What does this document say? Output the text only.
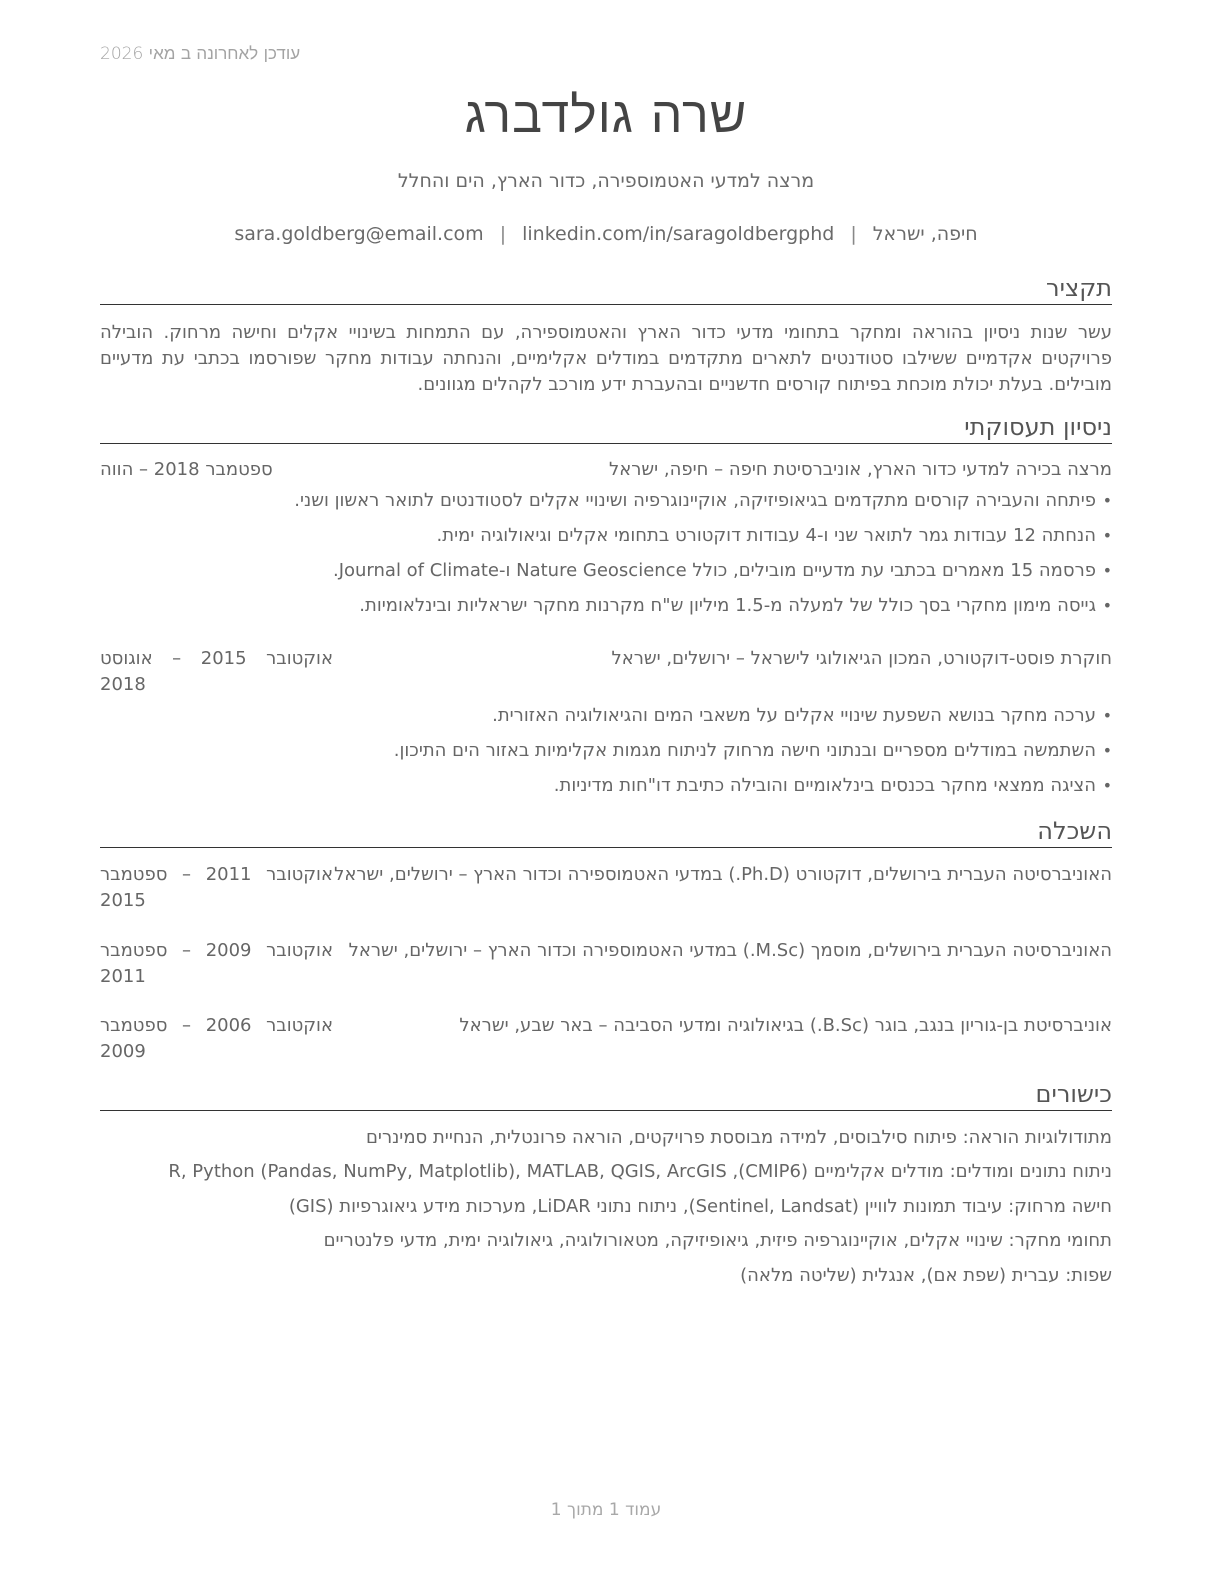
עודכן לאחרונה ב מאי 2026
שרה גולדברג
מרצה למדעי האטמוספירה, כדור הארץ, הים והחלל
חיפה, ישראל|sara.goldberg@email.com | linkedin.com/in/saragoldbergphd
תקציר
עשר שנות ניסיון בהוראה ומחקר בתחומי מדעי כדור הארץ והאטמוספירה, עם התמחות בשינויי אקלים וחישה מרחוק. הובילה פרויקטים אקדמיים ששילבו סטודנטים לתארים מתקדמים במודלים אקלימיים, והנחתה עבודות מחקר שפורסמו בכתבי עת מדעיים מובילים. בעלת יכולת מוכחת בפיתוח קורסים חדשניים ובהעברת ידע מורכב לקהלים מגוונים.
ניסיון תעסוקתי
מרצה בכירה למדעי כדור הארץ, אוניברסיטת חיפה – חיפה, ישראל
ספטמבר 2018 – הווה
• פיתחה והעבירה קורסים מתקדמים בגיאופיזיקה, אוקיינוגרפיה ושינויי אקלים לסטודנטים לתואר ראשון ושני.
• הנחתה 12 עבודות גמר לתואר שני ו-4 עבודות דוקטורט בתחומי אקלים וגיאולוגיה ימית.
• פרסמה 15 מאמרים בכתבי עת מדעיים מובילים, כולל Nature Geoscience ו-Journal of Climate.
• גייסה מימון מחקרי בסך כולל של למעלה מ-1.5 מיליון ש"ח מקרנות מחקר ישראליות ובינלאומיות.
חוקרת פוסט-דוקטורט, המכון הגיאולוגי לישראל – ירושלים, ישראל
אוקטובר 2015 – אוגוסט 2018
• ערכה מחקר בנושא השפעת שינויי אקלים על משאבי המים והגיאולוגיה האזורית.
• השתמשה במודלים מספריים ובנתוני חישה מרחוק לניתוח מגמות אקלימיות באזור הים התיכון.
• הציגה ממצאי מחקר בכנסים בינלאומיים והובילה כתיבת דו"חות מדיניות.
השכלה
האוניברסיטה העברית בירושלים, דוקטורט (Ph.D.) במדעי האטמוספירה וכדור הארץ – ירושלים, ישראל
אוקטובר 2011 – ספטמבר 2015
האוניברסיטה העברית בירושלים, מוסמך (M.Sc.) במדעי האטמוספירה וכדור הארץ – ירושלים, ישראל
אוקטובר 2009 – ספטמבר 2011
אוניברסיטת בן-גוריון בנגב, בוגר (B.Sc.) בגיאולוגיה ומדעי הסביבה – באר שבע, ישראל
אוקטובר 2006 – ספטמבר 2009
כישורים
מתודולוגיות הוראה: פיתוח סילבוסים, למידה מבוססת פרויקטים, הוראה פרונטלית, הנחיית סמינרים
ניתוח נתונים ומודלים: מודלים אקלימיים (CMIP6), R, Python (Pandas, NumPy, Matplotlib), MATLAB, QGIS, ArcGIS
חישה מרחוק: עיבוד תמונות לוויין (Sentinel, Landsat), ניתוח נתוני LiDAR, מערכות מידע גיאוגרפיות (GIS)
תחומי מחקר: שינויי אקלים, אוקיינוגרפיה פיזית, גיאופיזיקה, מטאורולוגיה, גיאולוגיה ימית, מדעי פלנטריים
שפות: עברית (שפת אם), אנגלית (שליטה מלאה)
עמוד 1 מתוך 1
